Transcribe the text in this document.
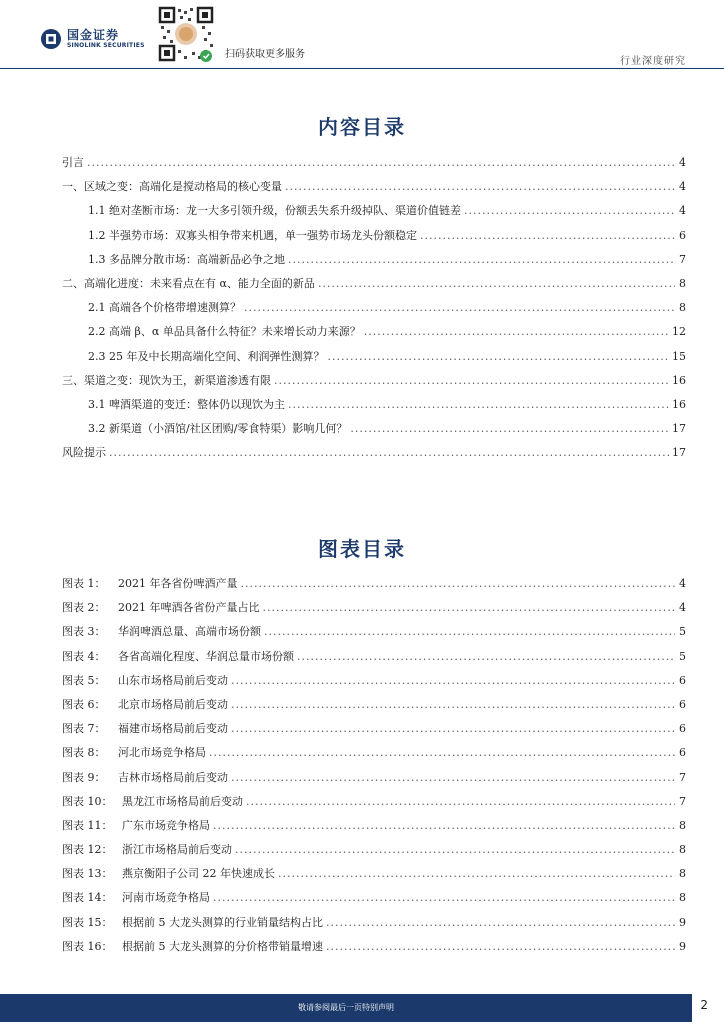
国金证券
SINOLINK SECURITIES
扫码获取更多服务
行业深度研究
内容目录
引言 .....	4
一、区域之变：高端化是搅动格局的核心变量 .....	4
1.1 绝对垄断市场：龙一大多引领升级，份额丢失系升级掉队、渠道价值链差 .....	4
1.2 半强势市场：双寡头相争带来机遇，单一强势市场龙头份额稳定 .....	6
1.3 多品牌分散市场：高端新品必争之地 .....	7
二、高端化进度：未来看点在有 α、能力全面的新品 .....	8
2.1 高端各个价格带增速测算？ .....	8
2.2 高端 β、α 单品具备什么特征？未来增长动力来源？ .....	12
2.3 25 年及中长期高端化空间、利润弹性测算？ .....	15
三、渠道之变：现饮为王，新渠道渗透有限 .....	16
3.1 啤酒渠道的变迁：整体仍以现饮为主 .....	16
3.2 新渠道（小酒馆/社区团购/零食特渠）影响几何？ .....	17
风险提示 .....	17
图表目录
图表 1： 2021 年各省份啤酒产量 .....	4
图表 2： 2021 年啤酒各省份产量占比 .....	4
图表 3： 华润啤酒总量、高端市场份额 .....	5
图表 4： 各省高端化程度、华润总量市场份额 .....	5
图表 5： 山东市场格局前后变动 .....	6
图表 6： 北京市场格局前后变动 .....	6
图表 7： 福建市场格局前后变动 .....	6
图表 8： 河北市场竞争格局 .....	6
图表 9： 吉林市场格局前后变动 .....	7
图表 10： 黑龙江市场格局前后变动 .....	7
图表 11： 广东市场竞争格局 .....	8
图表 12： 浙江市场格局前后变动 .....	8
图表 13： 燕京衡阳子公司 22 年快速成长 .....	8
图表 14： 河南市场竞争格局 .....	8
图表 15： 根据前 5 大龙头测算的行业销量结构占比 .....	9
图表 16： 根据前 5 大龙头测算的分价格带销量增速 .....	9
敬请参阅最后一页特别声明	2
